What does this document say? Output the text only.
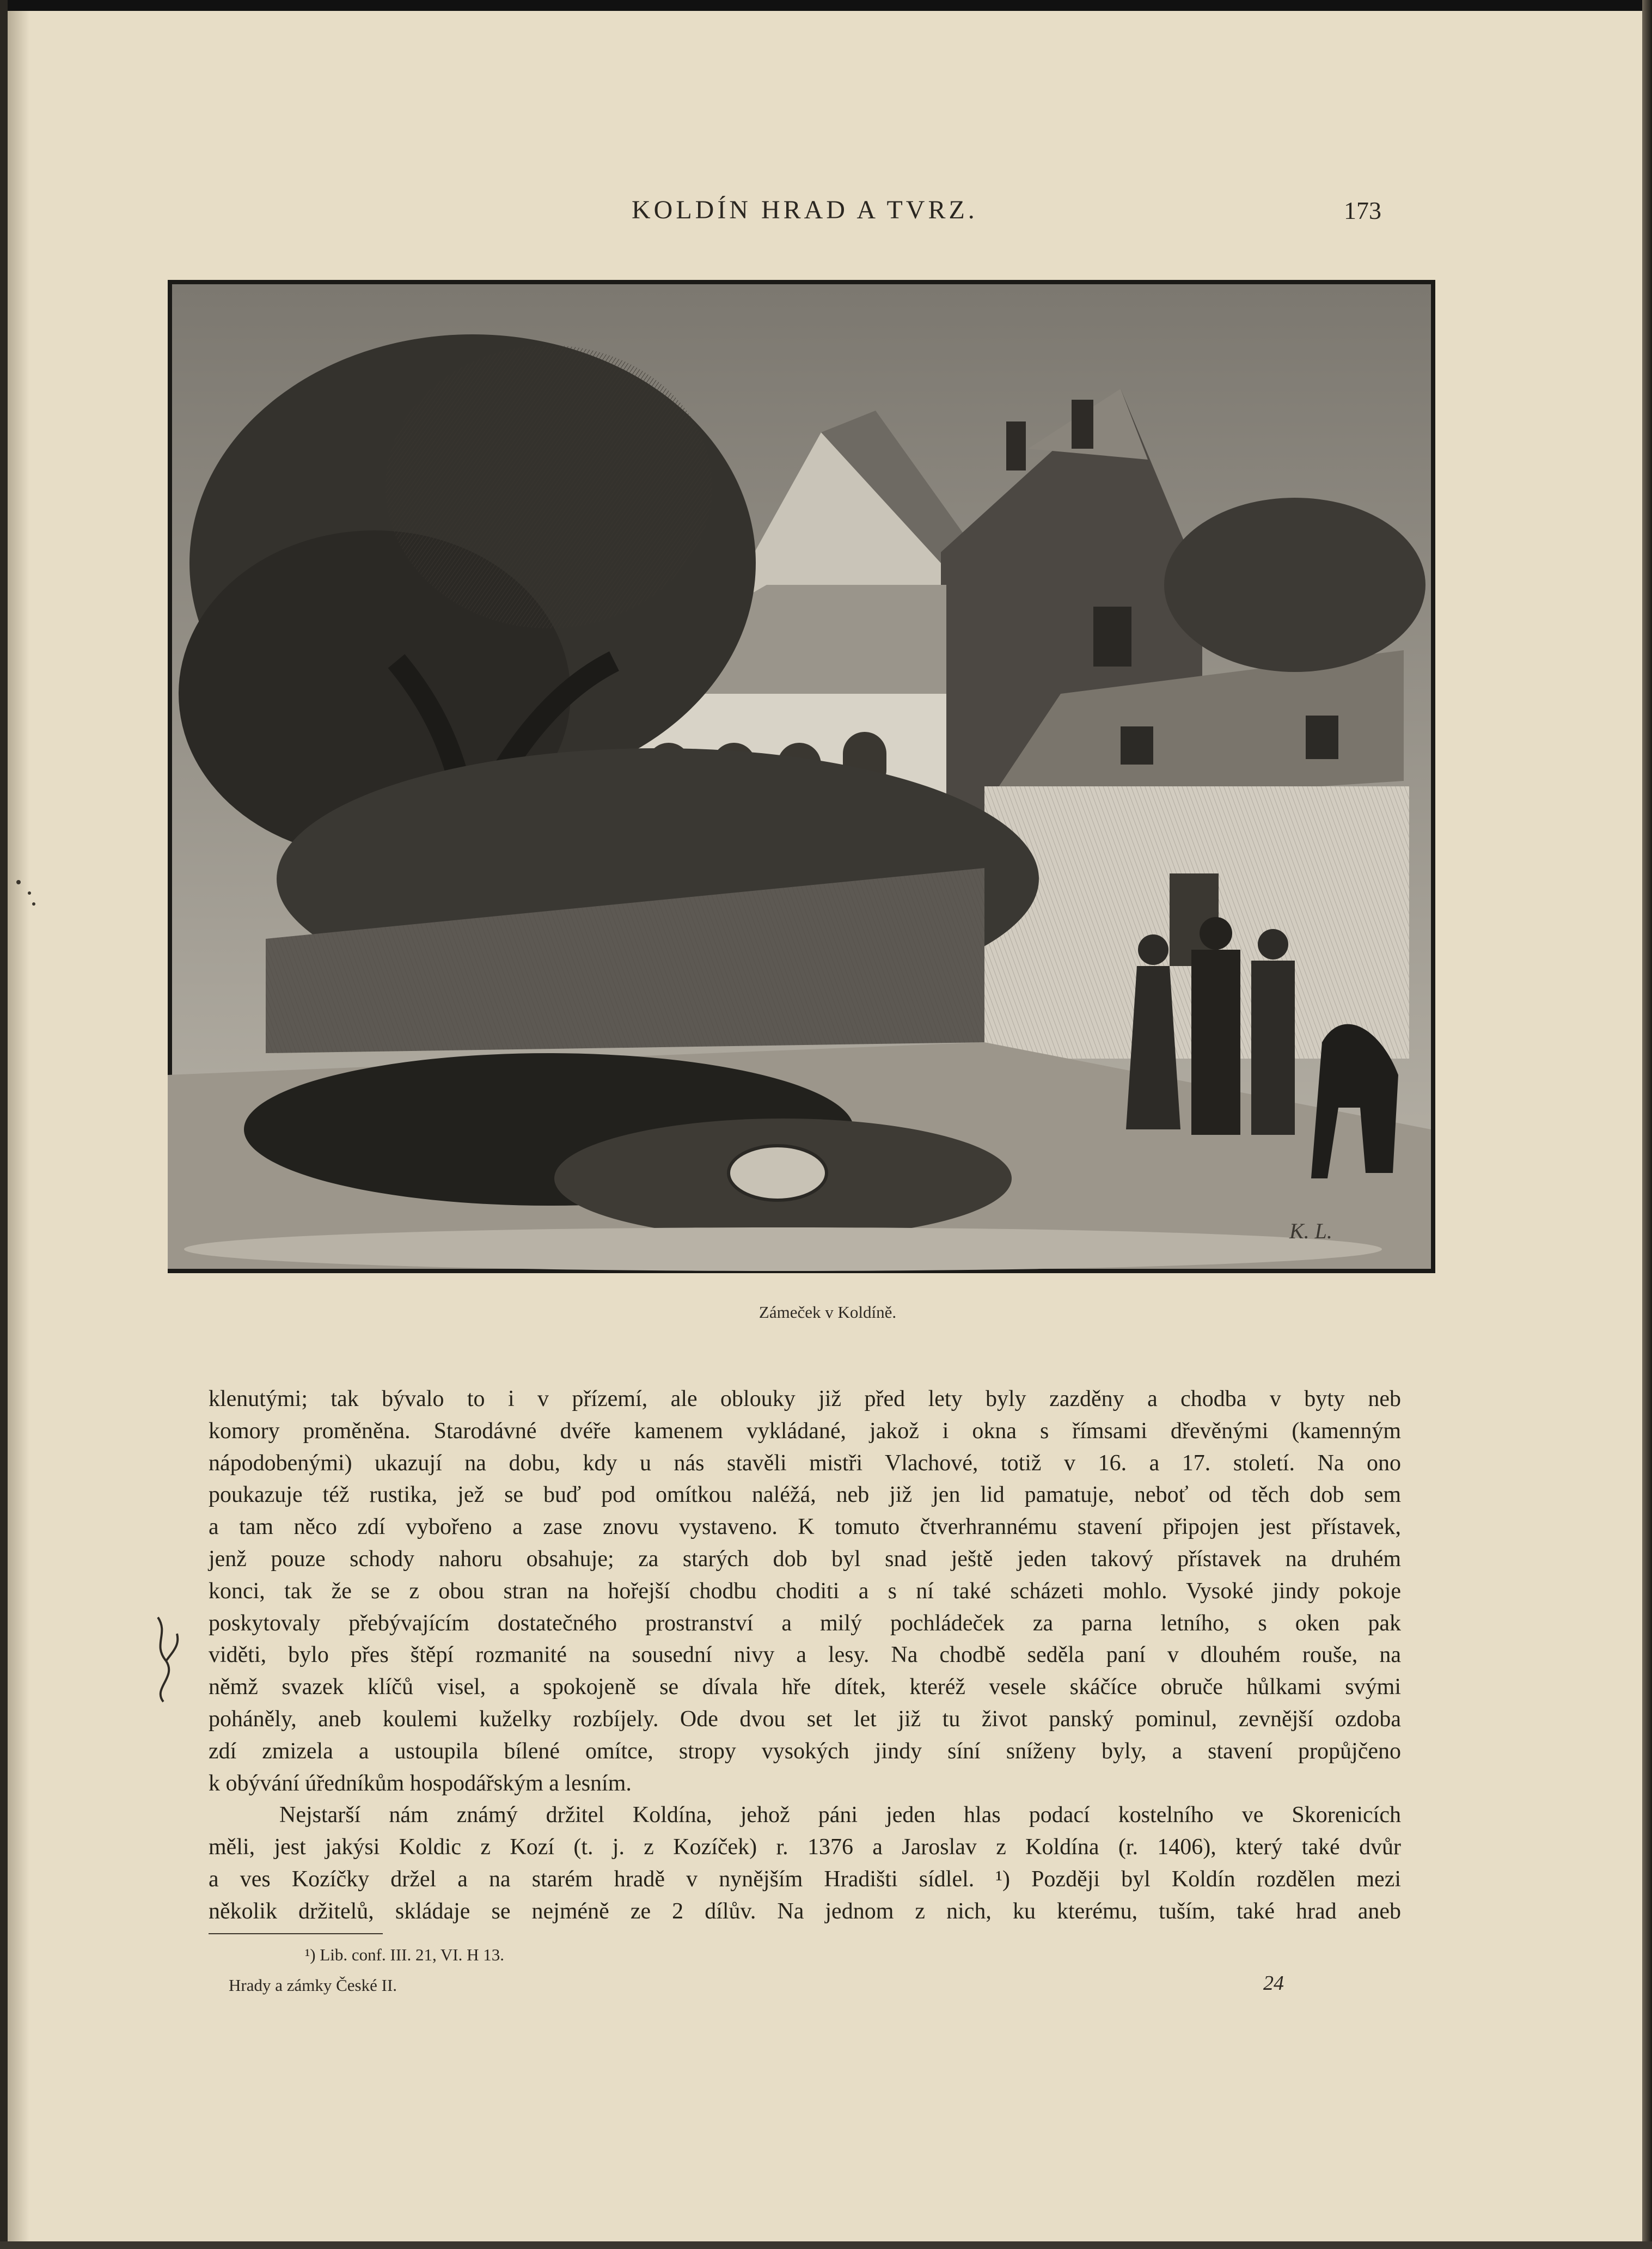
KOLDÍN HRAD A TVRZ.	173
K. L.
Zámeček v Koldíně.
klenutými; tak bývalo to i v přízemí, ale oblouky již před lety byly zazděny a chodba v byty neb
komory proměněna. Starodávné dvéře kamenem vykládané, jakož i okna s římsami dřevěnými (kamenným
nápodobenými) ukazují na dobu, kdy u nás stavěli mistři Vlachové, totiž v 16. a 17. století. Na ono
poukazuje též rustika, jež se buď pod omítkou naléžá, neb již jen lid pamatuje, neboť od těch dob sem
a tam něco zdí vybořeno a zase znovu vystaveno. K tomuto čtverhrannému stavení připojen jest přístavek,
jenž pouze schody nahoru obsahuje; za starých dob byl snad ještě jeden takový přístavek na druhém
konci, tak že se z obou stran na hořejší chodbu choditi a s ní také scházeti mohlo. Vysoké jindy pokoje
poskytovaly přebývajícím dostatečného prostranství a milý pochládeček za parna letního, s oken pak
viděti, bylo přes štěpí rozmanité na sousední nivy a lesy. Na chodbě seděla paní v dlouhém rouše, na
němž svazek klíčů visel, a spokojeně se dívala hře dítek, kteréž vesele skáčíce obruče hůlkami svými
poháněly, aneb koulemi kuželky rozbíjely. Ode dvou set let již tu život panský pominul, zevnější ozdoba
zdí zmizela a ustoupila bílené omítce, stropy vysokých jindy síní sníženy byly, a stavení propůjčeno
k obývání úředníkům hospodářským a lesním.
Nejstarší nám známý držitel Koldína, jehož páni jeden hlas podací kostelního ve Skorenicích
měli, jest jakýsi Koldic z Kozí (t. j. z Kozíček) r. 1376 a Jaroslav z Koldína (r. 1406), který také dvůr
a ves Kozíčky držel a na starém hradě v nynějším Hradišti sídlel. ¹) Později byl Koldín rozdělen mezi
několik držitelů, skládaje se nejméně ze 2 dílův. Na jednom z nich, ku kterému, tuším, také hrad aneb
¹) Lib. conf. III. 21, VI. H 13.
Hrady a zámky České II.	24
